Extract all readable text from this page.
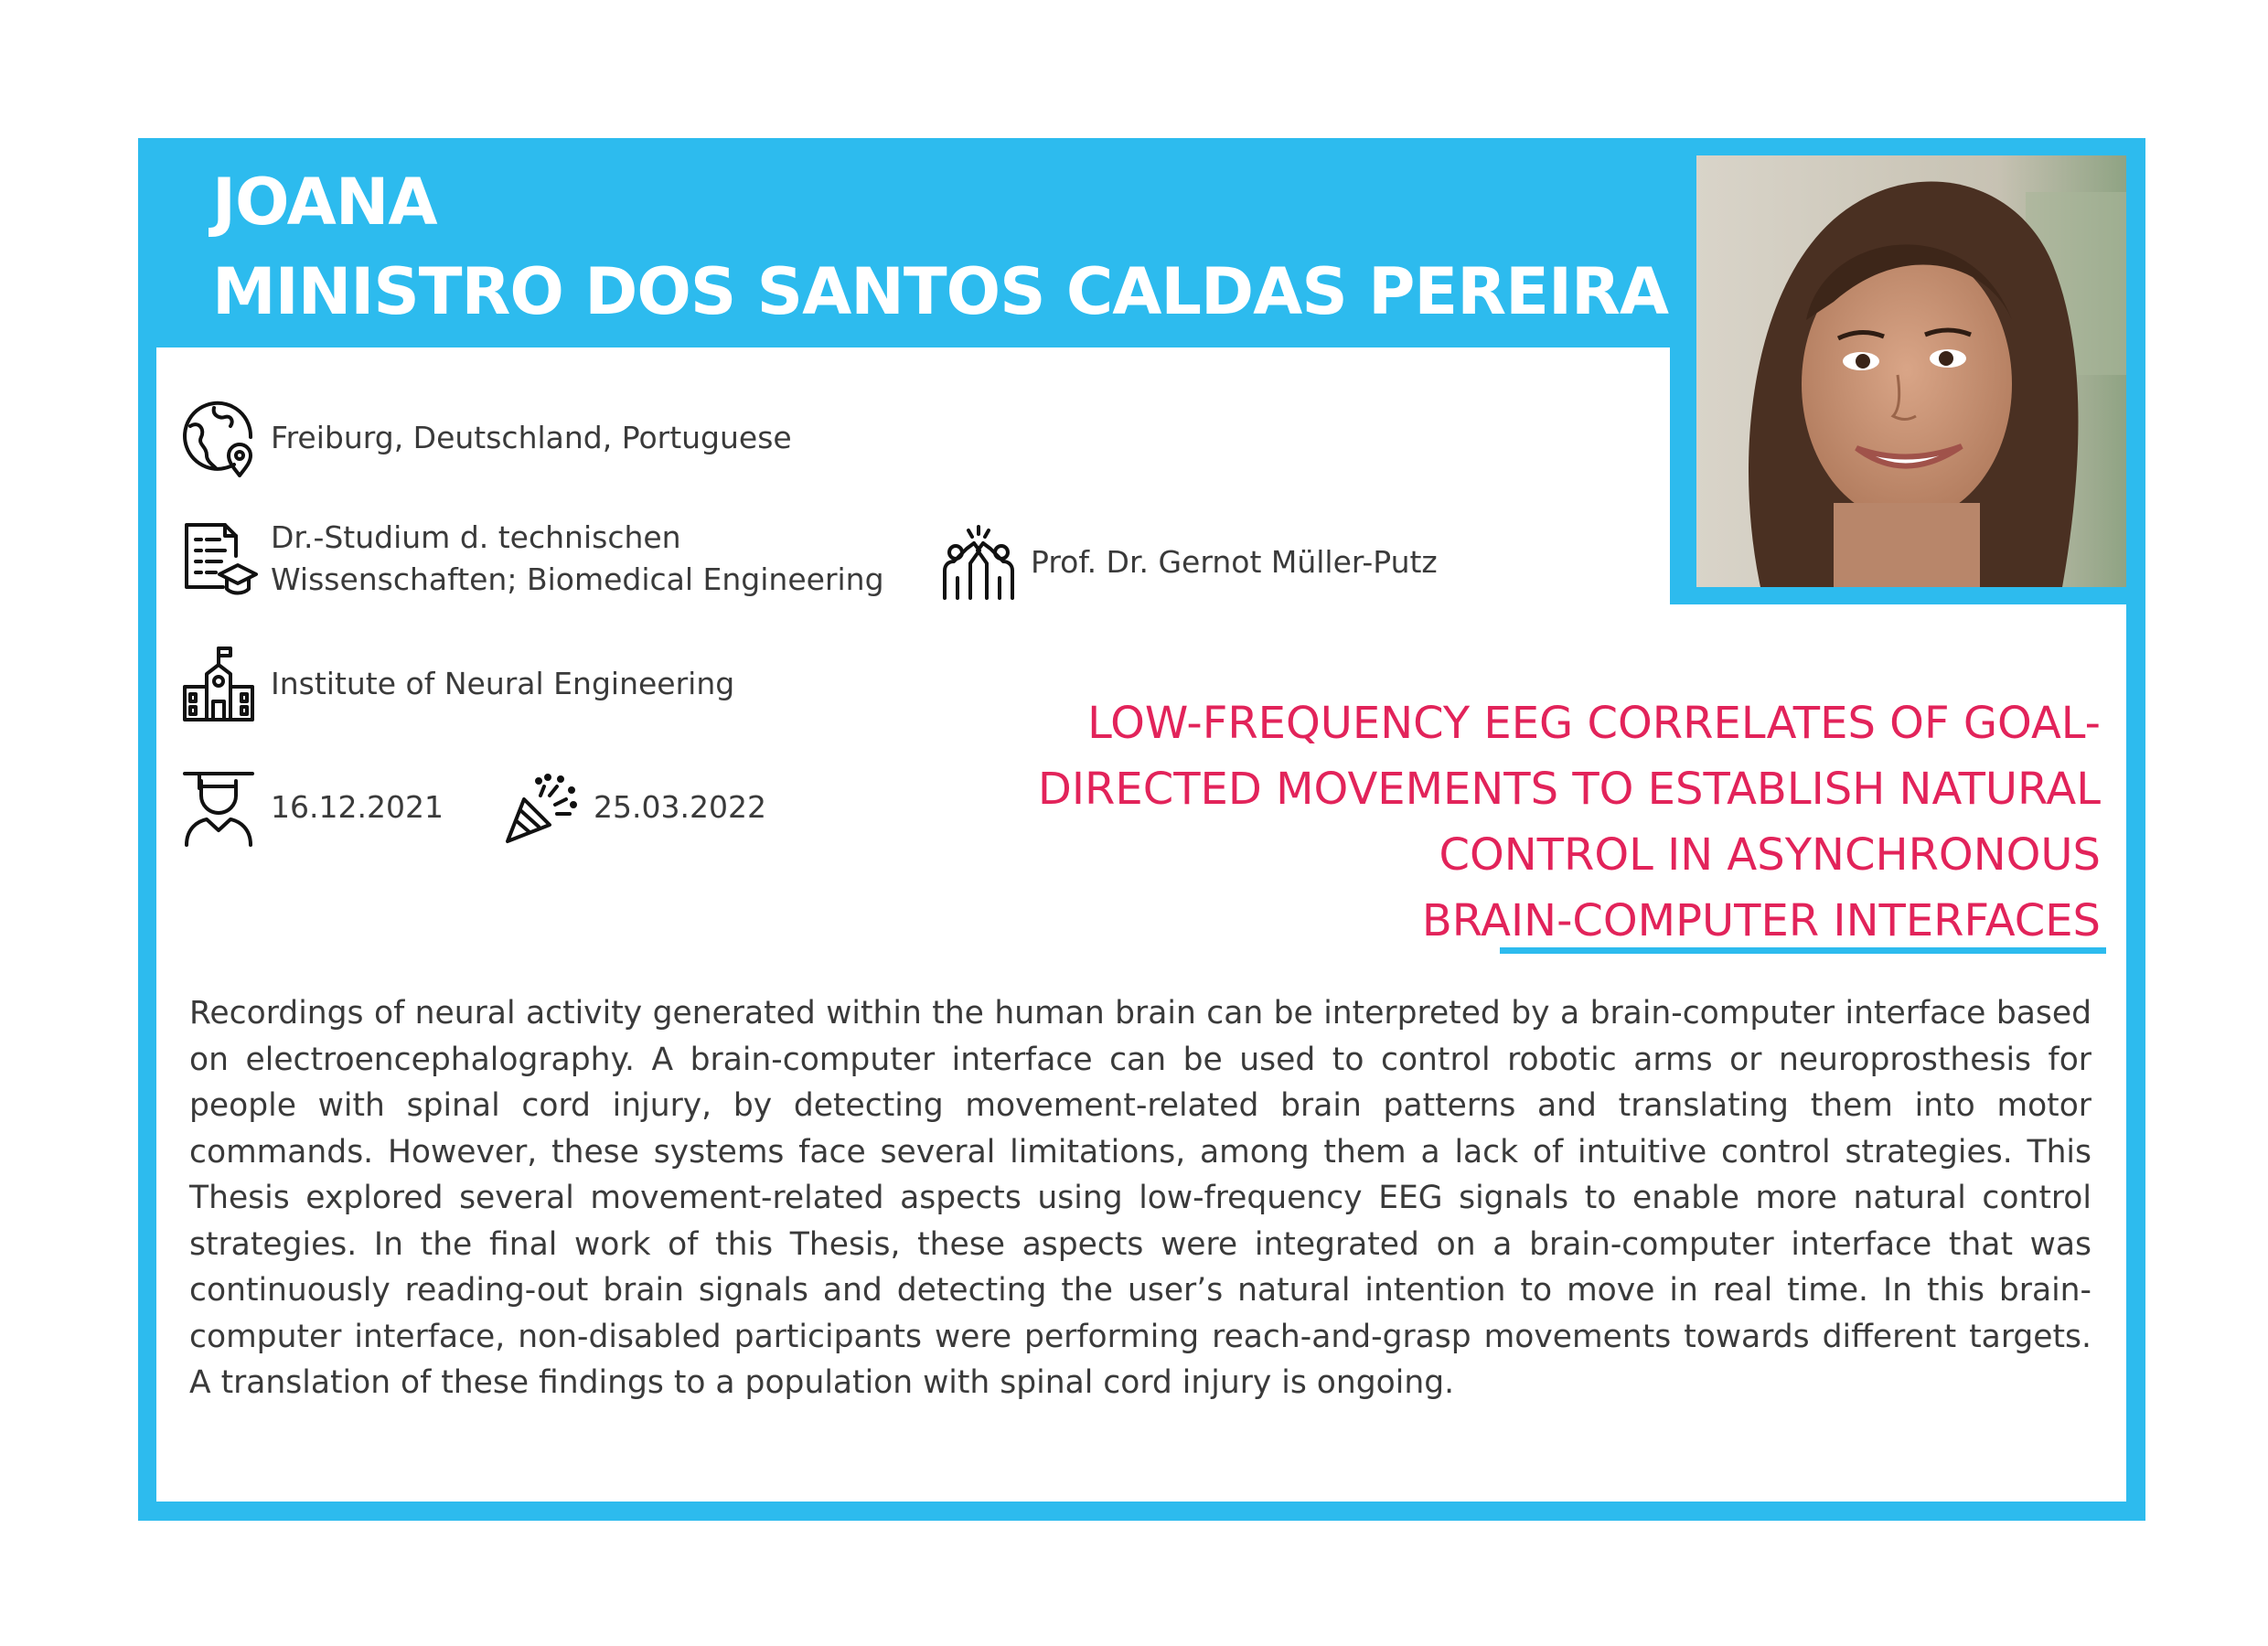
JOANA
MINISTRO DOS SANTOS CALDAS PEREIRA
Freiburg, Deutschland, Portuguese
Dr.-Studium d. technischen
Wissenschaften; Biomedical Engineering	Prof. Dr. Gernot Müller-Putz
Institute of Neural Engineering
16.12.2021	25.03.2022
LOW-FREQUENCY EEG CORRELATES OF GOAL-
DIRECTED MOVEMENTS TO ESTABLISH NATURAL
CONTROL IN ASYNCHRONOUS
BRAIN-COMPUTER INTERFACES
Recordings of neural activity generated within the human brain can be interpreted by a brain-computer interface based on electroencephalography. A brain-computer interface can be used to control robotic arms or neuroprosthesis for people with spinal cord injury, by detecting movement-related brain patterns and translating them into motor commands. However, these systems face several limitations, among them a lack of intuitive control strategies. This Thesis explored several movement-related aspects using low-frequency EEG signals to enable more natural control strategies. In the final work of this Thesis, these aspects were integrated on a brain-computer interface that was continuously reading-out brain signals and detecting the user’s natural intention to move in real time. In this brain-computer interface, non-disabled participants were performing reach-and-grasp movements towards different targets. A translation of these findings to a population with spinal cord injury is ongoing.
